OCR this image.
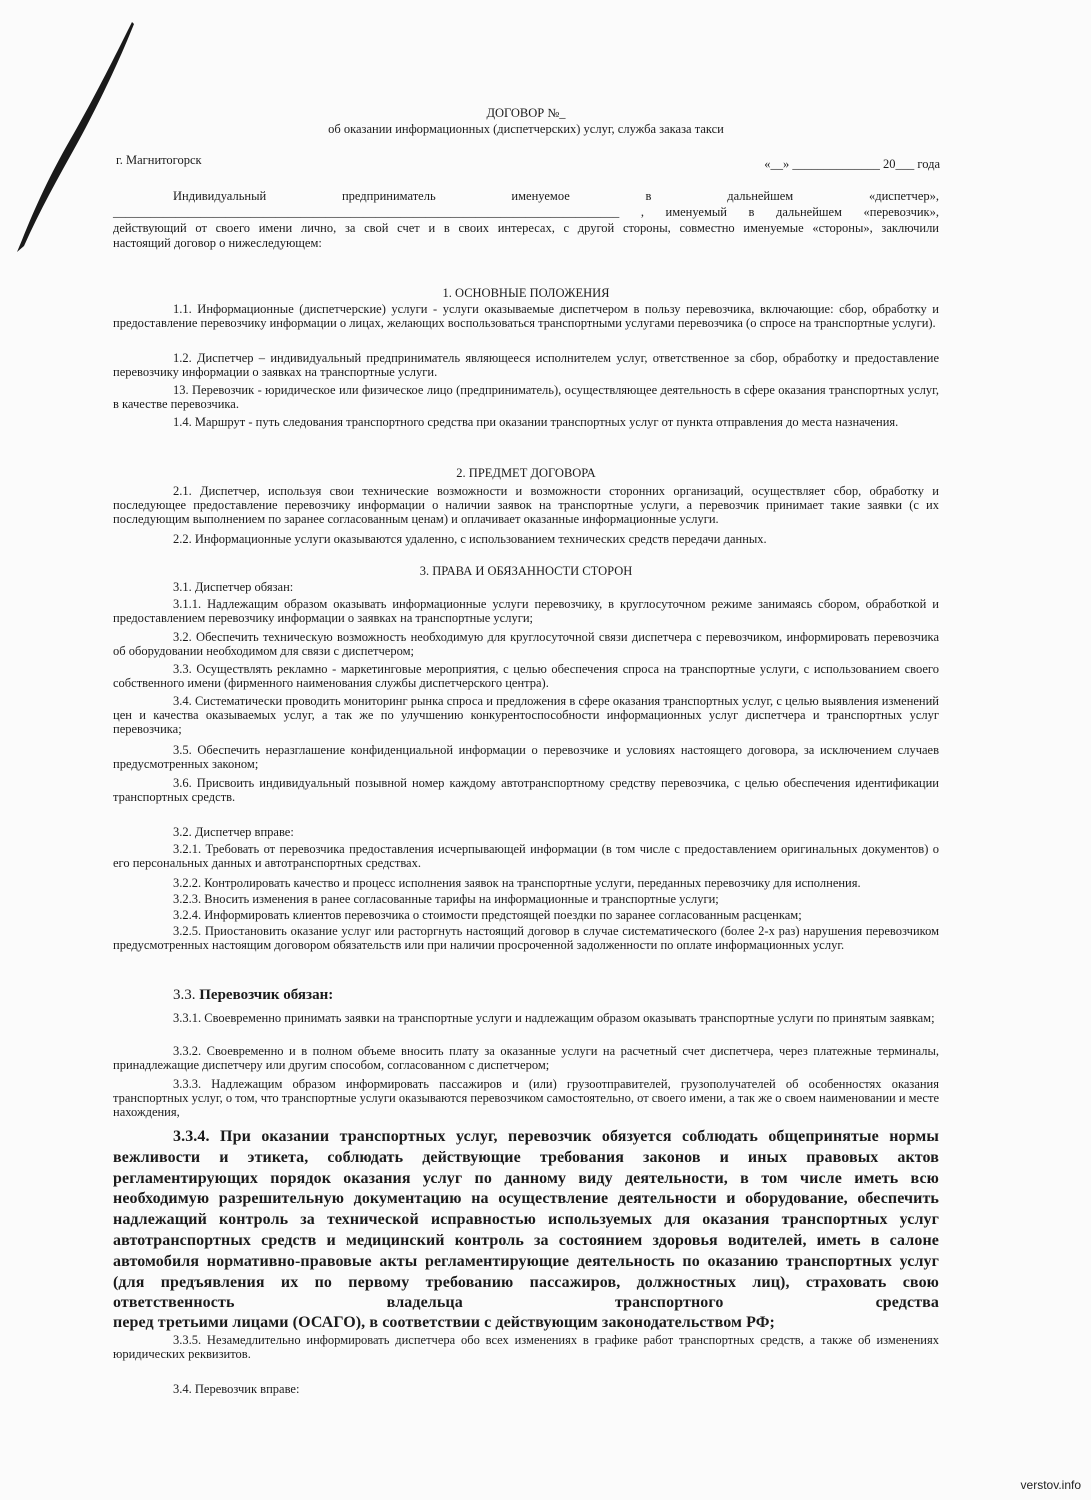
ДОГОВОР №_
об оказании информационных (диспетчерских) услуг, служба заказа такси
г. Магнитогорск	«__» ______________ 20___ года
Индивидуальный предприниматель именуемое в дальнейшем «диспетчер»,
_________________________________________________________________________________ , именуемый в дальнейшем «перевозчик»,
действующий от своего имени лично, за свой счет и в своих интересах, с другой стороны, совместно именуемые «стороны», заключили
настоящий договор о нижеследующем:
1. ОСНОВНЫЕ ПОЛОЖЕНИЯ
1.1. Информационные (диспетчерские) услуги - услуги оказываемые диспетчером в пользу перевозчика, включающие: сбор, обработку и предоставление перевозчику информации о лицах, желающих воспользоваться транспортными услугами перевозчика (о спросе на транспортные услуги).
1.2. Диспетчер – индивидуальный предприниматель являющееся исполнителем услуг, ответственное за сбор, обработку и предоставление перевозчику информации о заявках на транспортные услуги.
13. Перевозчик - юридическое или физическое лицо (предприниматель), осуществляющее деятельность в сфере оказания транспортных услуг, в качестве перевозчика.
1.4. Маршрут - путь следования транспортного средства при оказании транспортных услуг от пункта отправления до места назначения.
2. ПРЕДМЕТ ДОГОВОРА
2.1. Диспетчер, используя свои технические возможности и возможности сторонних организаций, осуществляет сбор, обработку и последующее предоставление перевозчику информации о наличии заявок на транспортные услуги, а перевозчик принимает такие заявки (с их последующим выполнением по заранее согласованным ценам) и оплачивает оказанные информационные услуги.
2.2. Информационные услуги оказываются удаленно, с использованием технических средств передачи данных.
3. ПРАВА И ОБЯЗАННОСТИ СТОРОН
3.1. Диспетчер обязан:
3.1.1. Надлежащим образом оказывать информационные услуги перевозчику, в круглосуточном режиме занимаясь сбором, обработкой и предоставлением перевозчику информации о заявках на транспортные услуги;
3.2. Обеспечить техническую возможность необходимую для круглосуточной связи диспетчера с перевозчиком, информировать перевозчика об оборудовании необходимом для связи с диспетчером;
3.3. Осуществлять рекламно - маркетинговые мероприятия, с целью обеспечения спроса на транспортные услуги, с использованием своего собственного имени (фирменного наименования службы диспетчерского центра).
3.4. Систематически проводить мониторинг рынка спроса и предложения в сфере оказания транспортных услуг, с целью выявления изменений цен и качества оказываемых услуг, а так же по улучшению конкурентоспособности информационных услуг диспетчера и транспортных услуг перевозчика;
3.5. Обеспечить неразглашение конфиденциальной информации о перевозчике и условиях настоящего договора, за исключением случаев предусмотренных законом;
3.6. Присвоить индивидуальный позывной номер каждому автотранспортному средству перевозчика, с целью обеспечения идентификации транспортных средств.
3.2. Диспетчер вправе:
3.2.1. Требовать от перевозчика предоставления исчерпывающей информации (в том числе с предоставлением оригинальных документов) о его персональных данных и автотранспортных средствах.
3.2.2. Контролировать качество и процесс исполнения заявок на транспортные услуги, переданных перевозчику для исполнения.
3.2.3. Вносить изменения в ранее согласованные тарифы на информационные и транспортные услуги;
3.2.4. Информировать клиентов перевозчика о стоимости предстоящей поездки по заранее согласованным расценкам;
3.2.5. Приостановить оказание услуг или расторгнуть настоящий договор в случае систематического (более 2-х раз) нарушения перевозчиком предусмотренных настоящим договором обязательств или при наличии просроченной задолженности по оплате информационных услуг.
3.3. Перевозчик обязан:
3.3.1. Своевременно принимать заявки на транспортные услуги и надлежащим образом оказывать транспортные услуги по принятым заявкам;
3.3.2. Своевременно и в полном объеме вносить плату за оказанные услуги на расчетный счет диспетчера, через платежные терминалы, принадлежащие диспетчеру или другим способом, согласованном с диспетчером;
3.3.3. Надлежащим образом информировать пассажиров и (или) грузоотправителей, грузополучателей об особенностях оказания транспортных услуг, о том, что транспортные услуги оказываются перевозчиком самостоятельно, от своего имени, а так же о своем наименовании и месте нахождения,
3.3.4. При оказании транспортных услуг, перевозчик обязуется соблюдать общепринятые нормы вежливости и этикета, соблюдать действующие требования законов и иных правовых актов регламентирующих порядок оказания услуг по данному виду деятельности, в том числе иметь всю необходимую разрешительную документацию на осуществление деятельности и оборудование, обеспечить надлежащий контроль за технической исправностью используемых для оказания транспортных услуг автотранспортных средств и медицинский контроль за состоянием здоровья водителей, иметь в салоне автомобиля нормативно-правовые акты регламентирующие деятельность по оказанию транспортных услуг (для предъявления их по первому требованию пассажиров, должностных лиц), страховать свою ответственность владельца транспортного средства
перед третьими лицами (ОСАГО), в соответствии с действующим законодательством РФ;
3.3.5. Незамедлительно информировать диспетчера обо всех изменениях в графике работ транспортных средств, а также об изменениях юридических реквизитов.
3.4. Перевозчик вправе:
verstov.info
